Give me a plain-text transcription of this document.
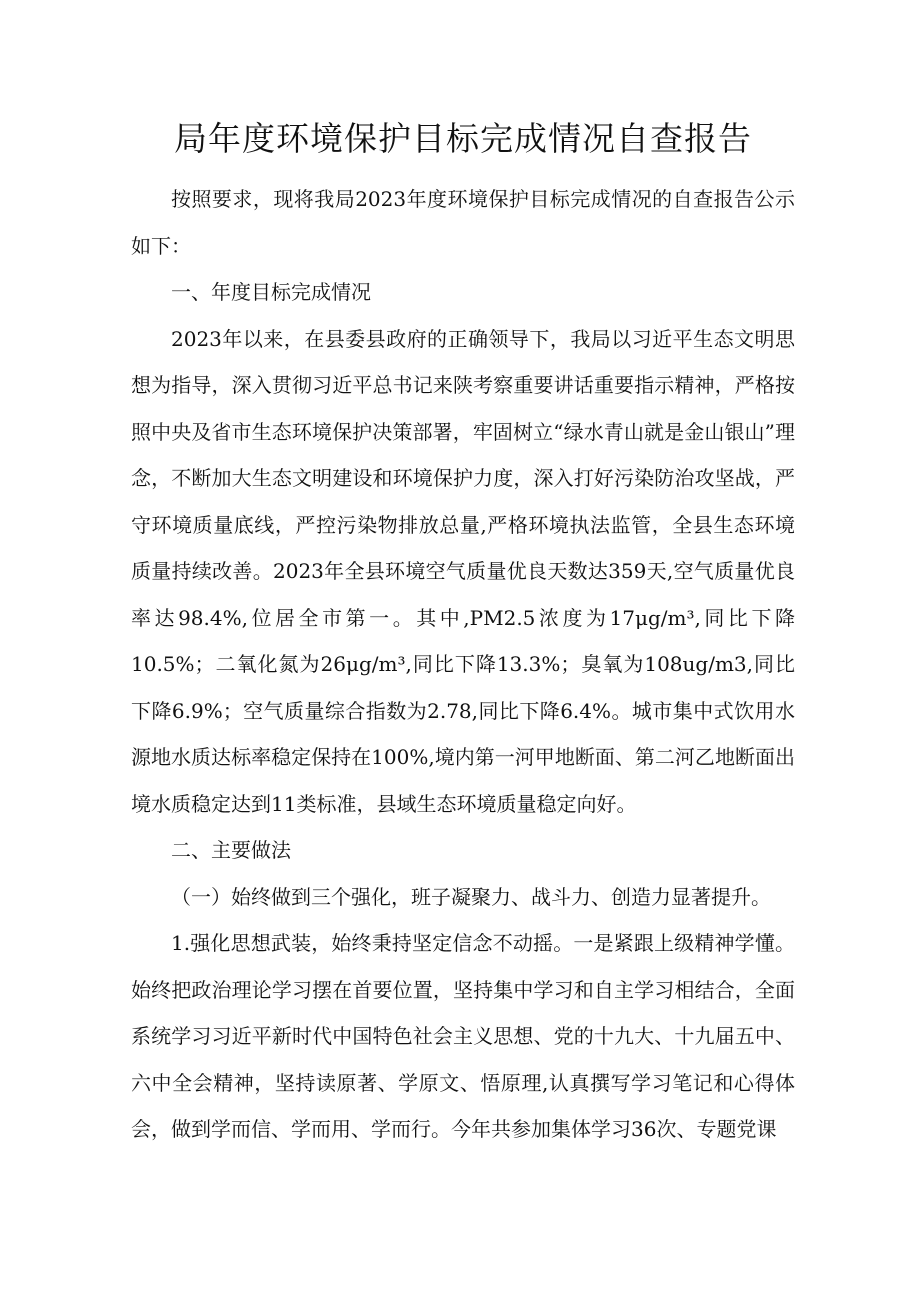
局年度环境保护目标完成情况自查报告

按照要求，现将我局2023年度环境保护目标完成情况的自查报告公示如下：

一、年度目标完成情况

2023年以来，在县委县政府的正确领导下，我局以习近平生态文明思想为指导，深入贯彻习近平总书记来陕考察重要讲话重要指示精神，严格按照中央及省市生态环境保护决策部署，牢固树立“绿水青山就是金山银山”理念，不断加大生态文明建设和环境保护力度，深入打好污染防治攻坚战，严守环境质量底线，严控污染物排放总量,严格环境执法监管，全县生态环境质量持续改善。2023年全县环境空气质量优良天数达359天,空气质量优良率达98.4%,位居全市第一。其中,PM2.5浓度为17μg/m³,同比下降10.5%；二氧化氮为26μg/m³,同比下降13.3%；臭氧为108ug/m3,同比下降6.9%；空气质量综合指数为2.78,同比下降6.4%。城市集中式饮用水源地水质达标率稳定保持在100%,境内第一河甲地断面、第二河乙地断面出境水质稳定达到11类标准，县域生态环境质量稳定向好。

二、主要做法

（一）始终做到三个强化，班子凝聚力、战斗力、创造力显著提升。

1.强化思想武装，始终秉持坚定信念不动摇。一是紧跟上级精神学懂。始终把政治理论学习摆在首要位置，坚持集中学习和自主学习相结合，全面系统学习习近平新时代中国特色社会主义思想、党的十九大、十九届五中、六中全会精神，坚持读原著、学原文、悟原理,认真撰写学习笔记和心得体会，做到学而信、学而用、学而行。今年共参加集体学习36次、专题党课
